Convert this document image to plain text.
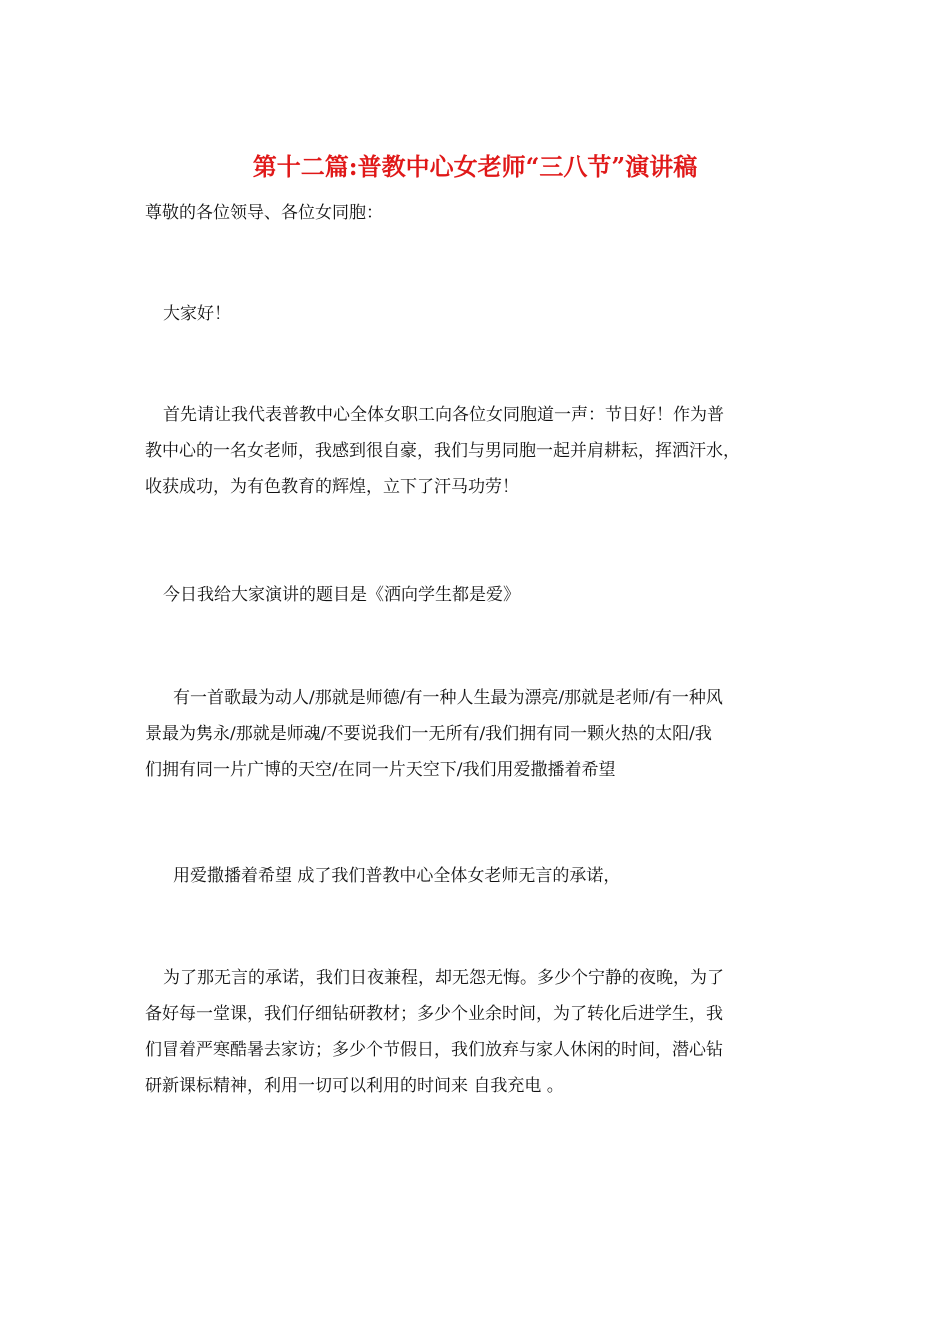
第十二篇:普教中心女老师“三八节”演讲稿

尊敬的各位领导、各位女同胞：

大家好！

首先请让我代表普教中心全体女职工向各位女同胞道一声：节日好！作为普
教中心的一名女老师，我感到很自豪，我们与男同胞一起并肩耕耘，挥洒汗水，
收获成功，为有色教育的辉煌，立下了汗马功劳！

今日我给大家演讲的题目是《洒向学生都是爱》

有一首歌最为动人/那就是师德/有一种人生最为漂亮/那就是老师/有一种风
景最为隽永/那就是师魂/不要说我们一无所有/我们拥有同一颗火热的太阳/我
们拥有同一片广博的天空/在同一片天空下/我们用爱撒播着希望

用爱撒播着希望 成了我们普教中心全体女老师无言的承诺，

为了那无言的承诺，我们日夜兼程，却无怨无悔。多少个宁静的夜晚，为了
备好每一堂课，我们仔细钻研教材；多少个业余时间，为了转化后进学生，我
们冒着严寒酷暑去家访；多少个节假日，我们放弃与家人休闲的时间，潜心钻
研新课标精神，利用一切可以利用的时间来 自我充电 。
